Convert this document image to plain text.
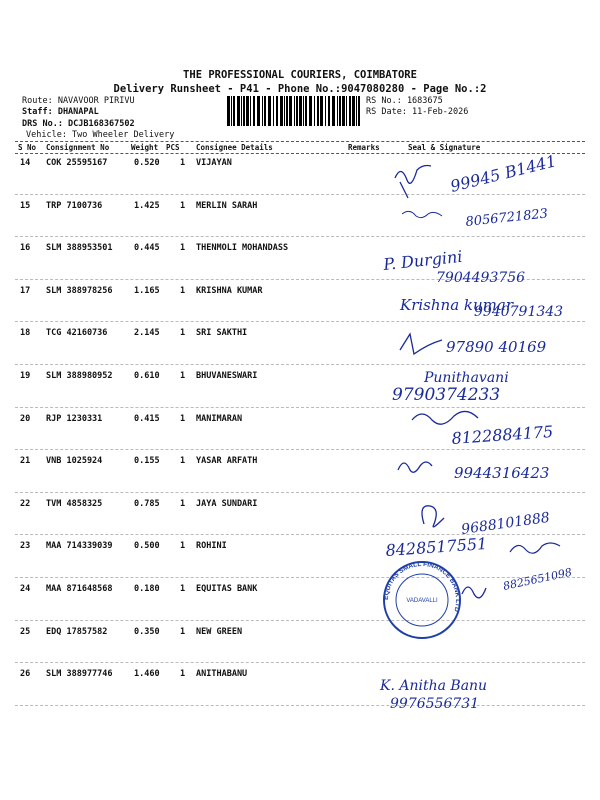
THE PROFESSIONAL COURIERS, COIMBATORE
Delivery Runsheet - P41 - Phone No.:9047080280 - Page No.:2
Route: NAVAVOOR PIRIVU
Staff: DHANAPAL
DRS No.: DCJB168367502
Vehicle: Two Wheeler Delivery
RS No.: 1683675
RS Date: 11-Feb-2026
S No Consignment No	Weight PCS Consignee Details	Remarks	Seal & Signature
14 COK 25595167	0.520 1 VIJAYAN
15 TRP 7100736	1.425 1 MERLIN SARAH
16 SLM 388953501	0.445 1 THENMOLI MOHANDASS
17 SLM 388978256	1.165 1 KRISHNA KUMAR
18 TCG 42160736	2.145 1 SRI SAKTHI
19 SLM 388980952	0.610 1 BHUVANESWARI
20 RJP 1230331	0.415 1 MANIMARAN
21 VNB 1025924	0.155 1 YASAR ARFATH
22 TVM 4858325	0.785 1 JAYA SUNDARI
23 MAA 714339039	0.500 1 ROHINI
24 MAA 871648568	0.180 1 EQUITAS BANK
25 EDQ 17857582	0.350 1 NEW GREEN
26 SLM 388977746	1.460 1 ANITHABANU
99945 B1441
8056721823
P. Durgini
7904493756
Krishna kumar
9940791343
97890 40169
Punithavani
9790374233
8122884175
9944316423
9688101888
8428517551
8825651098
K. Anitha Banu
9976556731
EQUITAS SMALL FINANCE BANK LTD
VADAVALLI
